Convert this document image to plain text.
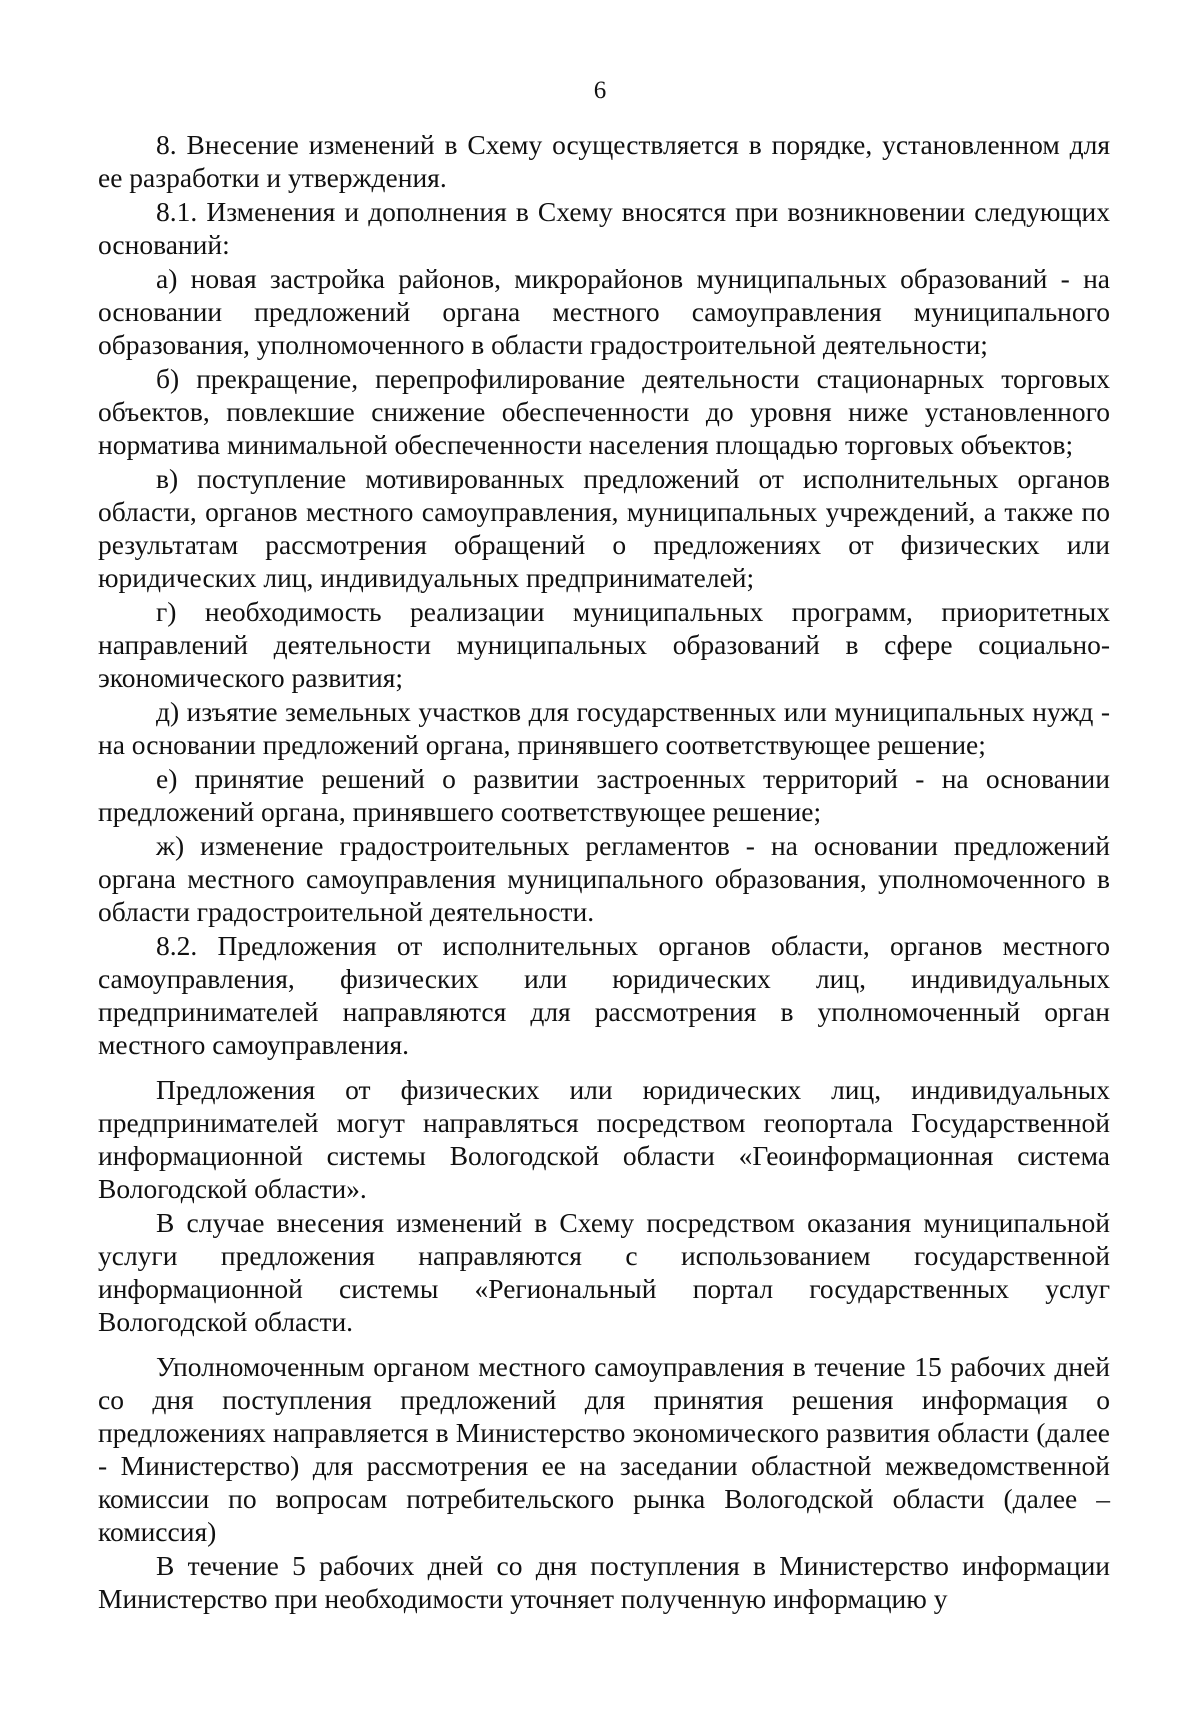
6

8. Внесение изменений в Схему осуществляется в порядке, установленном для ее разработки и утверждения.

8.1. Изменения и дополнения в Схему вносятся при возникновении следующих оснований:

а) новая застройка районов, микрорайонов муниципальных образований - на основании предложений органа местного самоуправления муниципального образования, уполномоченного в области градостроительной деятельности;

б) прекращение, перепрофилирование деятельности стационарных торговых объектов, повлекшие снижение обеспеченности до уровня ниже установленного норматива минимальной обеспеченности населения площадью торговых объектов;

в) поступление мотивированных предложений от исполнительных органов области, органов местного самоуправления, муниципальных учреждений, а также по результатам рассмотрения обращений о предложениях от физических или юридических лиц, индивидуальных предпринимателей;

г) необходимость реализации муниципальных программ, приоритетных направлений деятельности муниципальных образований в сфере социально-экономического развития;

д) изъятие земельных участков для государственных или муниципальных нужд - на основании предложений органа, принявшего соответствующее решение;

е) принятие решений о развитии застроенных территорий - на основании предложений органа, принявшего соответствующее решение;

ж) изменение градостроительных регламентов - на основании предложений органа местного самоуправления муниципального образования, уполномоченного в области градостроительной деятельности.

8.2. Предложения от исполнительных органов области, органов местного самоуправления, физических или юридических лиц, индивидуальных предпринимателей направляются для рассмотрения в уполномоченный орган местного самоуправления.

Предложения от физических или юридических лиц, индивидуальных предпринимателей могут направляться посредством геопортала Государственной информационной системы Вологодской области «Геоинформационная система Вологодской области».

В случае внесения изменений в Схему посредством оказания муниципальной услуги предложения направляются с использованием государственной информационной системы «Региональный портал государственных услуг Вологодской области.

Уполномоченным органом местного самоуправления в течение 15 рабочих дней со дня поступления предложений для принятия решения информация о предложениях направляется в Министерство экономического развития области (далее - Министерство) для рассмотрения ее на заседании областной межведомственной комиссии по вопросам потребительского рынка Вологодской области (далее – комиссия)

В течение 5 рабочих дней со дня поступления в Министерство информации Министерство при необходимости уточняет полученную информацию у
